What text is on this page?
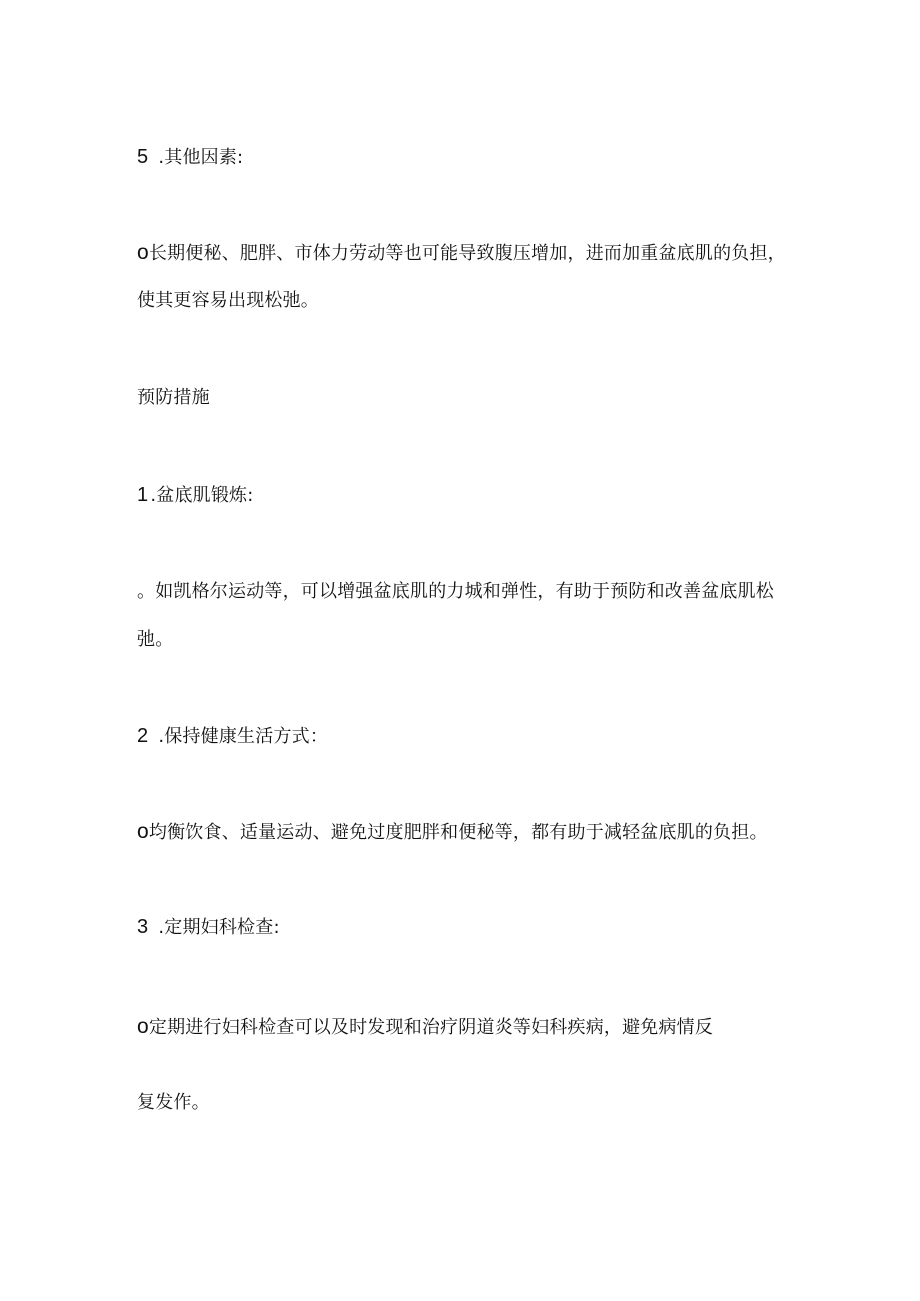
5 .其他因素:
o长期便秘、肥胖、市体力劳动等也可能导致腹压增加，进而加重盆底肌的负担，
使其更容易出现松弛。
预防措施
1 .盆底肌锻炼:
。如凯格尔运动等，可以增强盆底肌的力城和弹性，有助于预防和改善盆底肌松
弛。
2 .保持健康生活方式：
o均衡饮食、适量运动、避免过度肥胖和便秘等，都有助于减轻盆底肌的负担。
3 .定期妇科检查:
o定期进行妇科检查可以及时发现和治疗阴道炎等妇科疾病，避免病情反
复发作。
